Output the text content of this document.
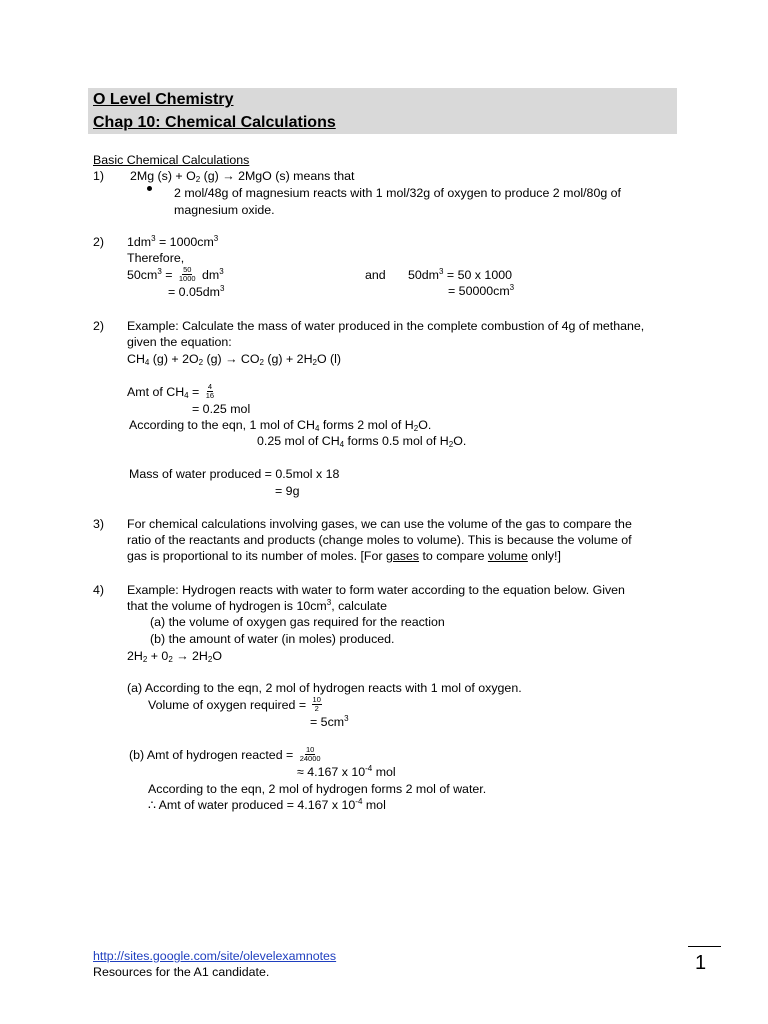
O Level Chemistry
Chap 10: Chemical Calculations
Basic Chemical Calculations
1) 2Mg $(s) + O_2$ (g) → 2MgO (s) means that
2 mol/48g of magnesium reacts with 1 mol/32g of oxygen to produce 2 mol/80g of
magnesium oxide.
2) $1dm^3 = 1000cm^3$
Therefore,
$50cm^3 = \frac{50}{1000} dm^3$
= $0.05dm^3$
and $50dm^3 = 50$ x 1000
= $50000cm^3$
2) Example: Calculate the mass of water produced in the complete combustion of 4g of methane,
given the equation:
$CH_4$ $(g) + 2O_2$ $(g) \to CO_2$ $(g) + 2H_2O$ (l)
Amt of $CH_4 = \frac{4}{16}$
= 0.25 mol
According to the eqn, 1 mol of $CH_4$ forms 2 mol of $H_2O$.
0.25 mol of $CH_4$ forms 0.5 mol of $H_2O$.
Mass of water produced = 0.5mol x 18
= 9g
3) For chemical calculations involving gases, we can use the volume of the gas to compare the
ratio of the reactants and products (change moles to volume). This is because the volume of
gas is proportional to its number of moles. [For gases to compare volume only!]
4) Example: Hydrogen reacts with water to form water according to the equation below. Given
that the volume of hydrogen is $10cm^3$, calculate
(a) the volume of oxygen gas required for the reaction
(b) the amount of water (in moles) produced.
$2H_2 + 0_2 \to 2H_2O$
(a) According to the eqn, 2 mol of hydrogen reacts with 1 mol of oxygen.
Volume of oxygen required = $\frac{10}{2}$
= $5cm^3$
(b) Amt of hydrogen reacted = $\frac{10}{24000}$
≈ 4.167 x $10^{-4}$ mol
According to the eqn, 2 mol of hydrogen forms 2 mol of water.
∴ Amt of water produced = 4.167 x $10^{-4}$ mol
http://sites.google.com/site/olevelexamnotes
Resources for the A1 candidate.	1
